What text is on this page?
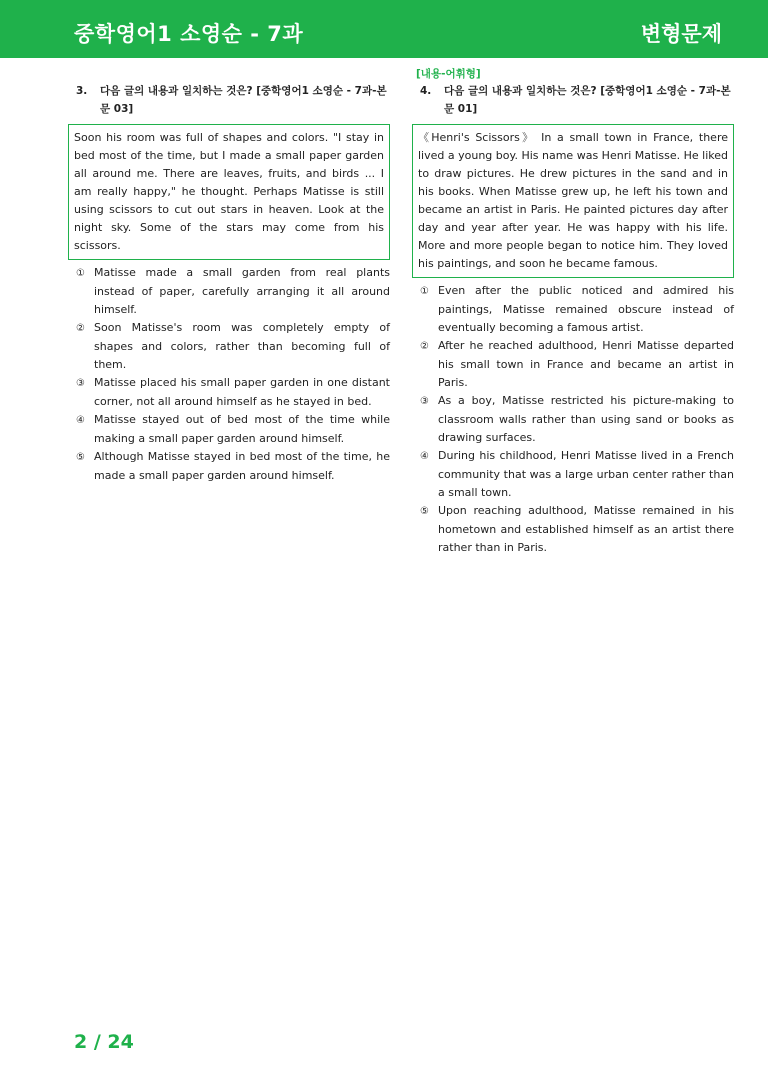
중학영어1 소영순 - 7과	변형문제
3. 다음 글의 내용과 일치하는 것은? [중학영어1 소영순 - 7과-본문 03]
Soon his room was full of shapes and colors. "I stay in bed most of the time, but I made a small paper garden all around me. There are leaves, fruits, and birds ... I am really happy," he thought. Perhaps Matisse is still using scissors to cut out stars in heaven. Look at the night sky. Some of the stars may come from his scissors.
① Matisse made a small garden from real plants instead of paper, carefully arranging it all around himself.
② Soon Matisse's room was completely empty of shapes and colors, rather than becoming full of them.
③ Matisse placed his small paper garden in one distant corner, not all around himself as he stayed in bed.
④ Matisse stayed out of bed most of the time while making a small paper garden around himself.
⑤ Although Matisse stayed in bed most of the time, he made a small paper garden around himself.
[내용-어휘형]
4. 다음 글의 내용과 일치하는 것은? [중학영어1 소영순 - 7과-본문 01]
《Henri's Scissors》 In a small town in France, there lived a young boy. His name was Henri Matisse. He liked to draw pictures. He drew pictures in the sand and in his books. When Matisse grew up, he left his town and became an artist in Paris. He painted pictures day after day and year after year. He was happy with his life. More and more people began to notice him. They loved his paintings, and soon he became famous.
① Even after the public noticed and admired his paintings, Matisse remained obscure instead of eventually becoming a famous artist.
② After he reached adulthood, Henri Matisse departed his small town in France and became an artist in Paris.
③ As a boy, Matisse restricted his picture-making to classroom walls rather than using sand or books as drawing surfaces.
④ During his childhood, Henri Matisse lived in a French community that was a large urban center rather than a small town.
⑤ Upon reaching adulthood, Matisse remained in his hometown and established himself as an artist there rather than in Paris.
2 / 24
